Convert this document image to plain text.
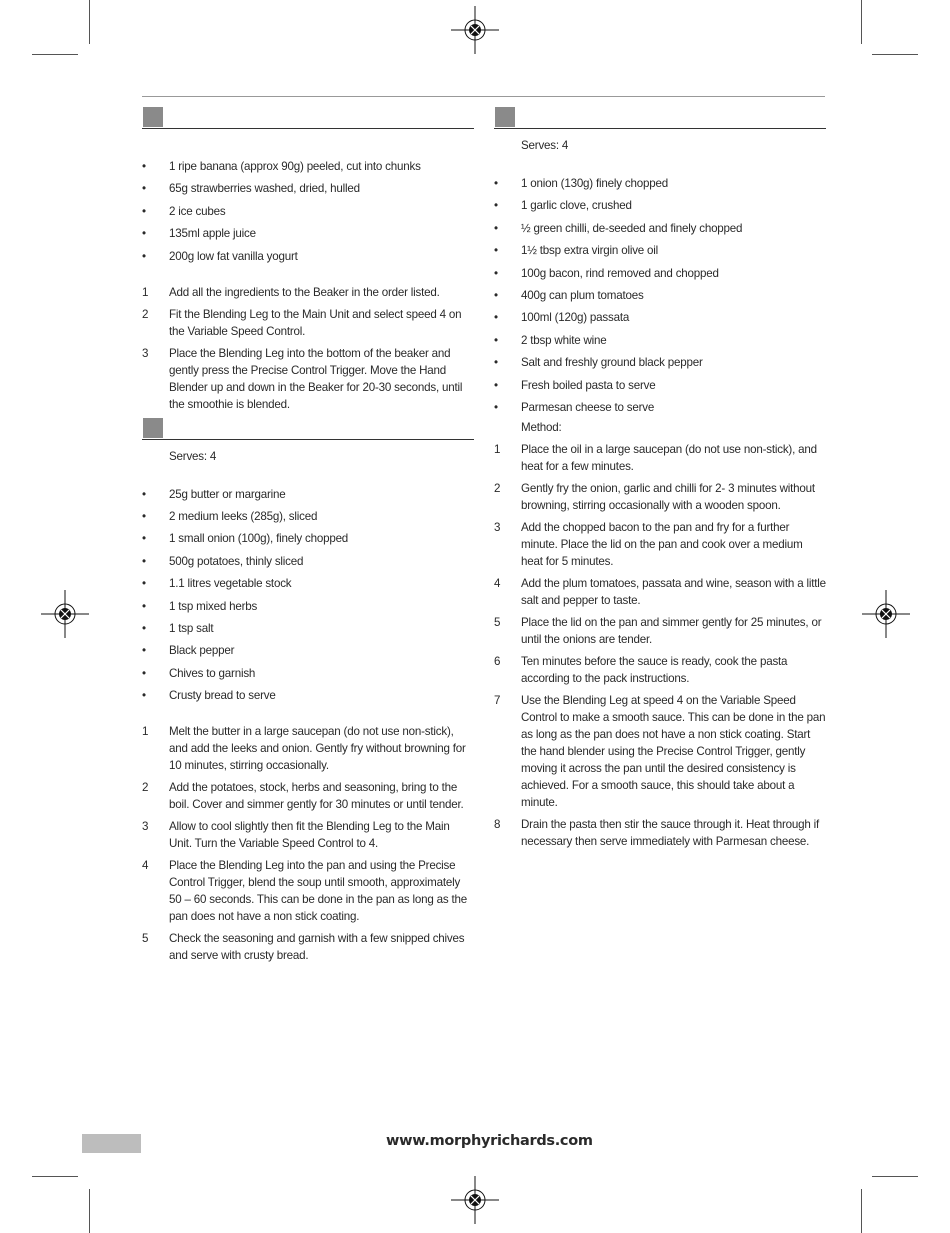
• 1 ripe banana (approx 90g) peeled, cut into chunks
• 65g strawberries washed, dried, hulled
• 2 ice cubes
• 135ml apple juice
• 200g low fat vanilla yogurt
1 Add all the ingredients to the Beaker in the order listed.
2 Fit the Blending Leg to the Main Unit and select speed 4 on the Variable Speed Control.
3 Place the Blending Leg into the bottom of the beaker and gently press the Precise Control Trigger. Move the Hand Blender up and down in the Beaker for 20-30 seconds, until the smoothie is blended.
Serves: 4
• 25g butter or margarine
• 2 medium leeks (285g), sliced
• 1 small onion (100g), finely chopped
• 500g potatoes, thinly sliced
• 1.1 litres vegetable stock
• 1 tsp mixed herbs
• 1 tsp salt
• Black pepper
• Chives to garnish
• Crusty bread to serve
1 Melt the butter in a large saucepan (do not use non-stick), and add the leeks and onion. Gently fry without browning for 10 minutes, stirring occasionally.
2 Add the potatoes, stock, herbs and seasoning, bring to the boil. Cover and simmer gently for 30 minutes or until tender.
3 Allow to cool slightly then fit the Blending Leg to the Main Unit. Turn the Variable Speed Control to 4.
4 Place the Blending Leg into the pan and using the Precise Control Trigger, blend the soup until smooth, approximately 50 – 60 seconds. This can be done in the pan as long as the pan does not have a non stick coating.
5 Check the seasoning and garnish with a few snipped chives and serve with crusty bread.
Serves: 4
• 1 onion (130g) finely chopped
• 1 garlic clove, crushed
• ½ green chilli, de-seeded and finely chopped
• 1½ tbsp extra virgin olive oil
• 100g bacon, rind removed and chopped
• 400g can plum tomatoes
• 100ml (120g) passata
• 2 tbsp white wine
• Salt and freshly ground black pepper
• Fresh boiled pasta to serve
• Parmesan cheese to serve
Method:
1 Place the oil in a large saucepan (do not use non-stick), and heat for a few minutes.
2 Gently fry the onion, garlic and chilli for 2- 3 minutes without browning, stirring occasionally with a wooden spoon.
3 Add the chopped bacon to the pan and fry for a further minute. Place the lid on the pan and cook over a medium heat for 5 minutes.
4 Add the plum tomatoes, passata and wine, season with a little salt and pepper to taste.
5 Place the lid on the pan and simmer gently for 25 minutes, or until the onions are tender.
6 Ten minutes before the sauce is ready, cook the pasta according to the pack instructions.
7 Use the Blending Leg at speed 4 on the Variable Speed Control to make a smooth sauce. This can be done in the pan as long as the pan does not have a non stick coating. Start the hand blender using the Precise Control Trigger, gently moving it across the pan until the desired consistency is achieved. For a smooth sauce, this should take about a minute.
8 Drain the pasta then stir the sauce through it. Heat through if necessary then serve immediately with Parmesan cheese.
www.morphyrichards.com
